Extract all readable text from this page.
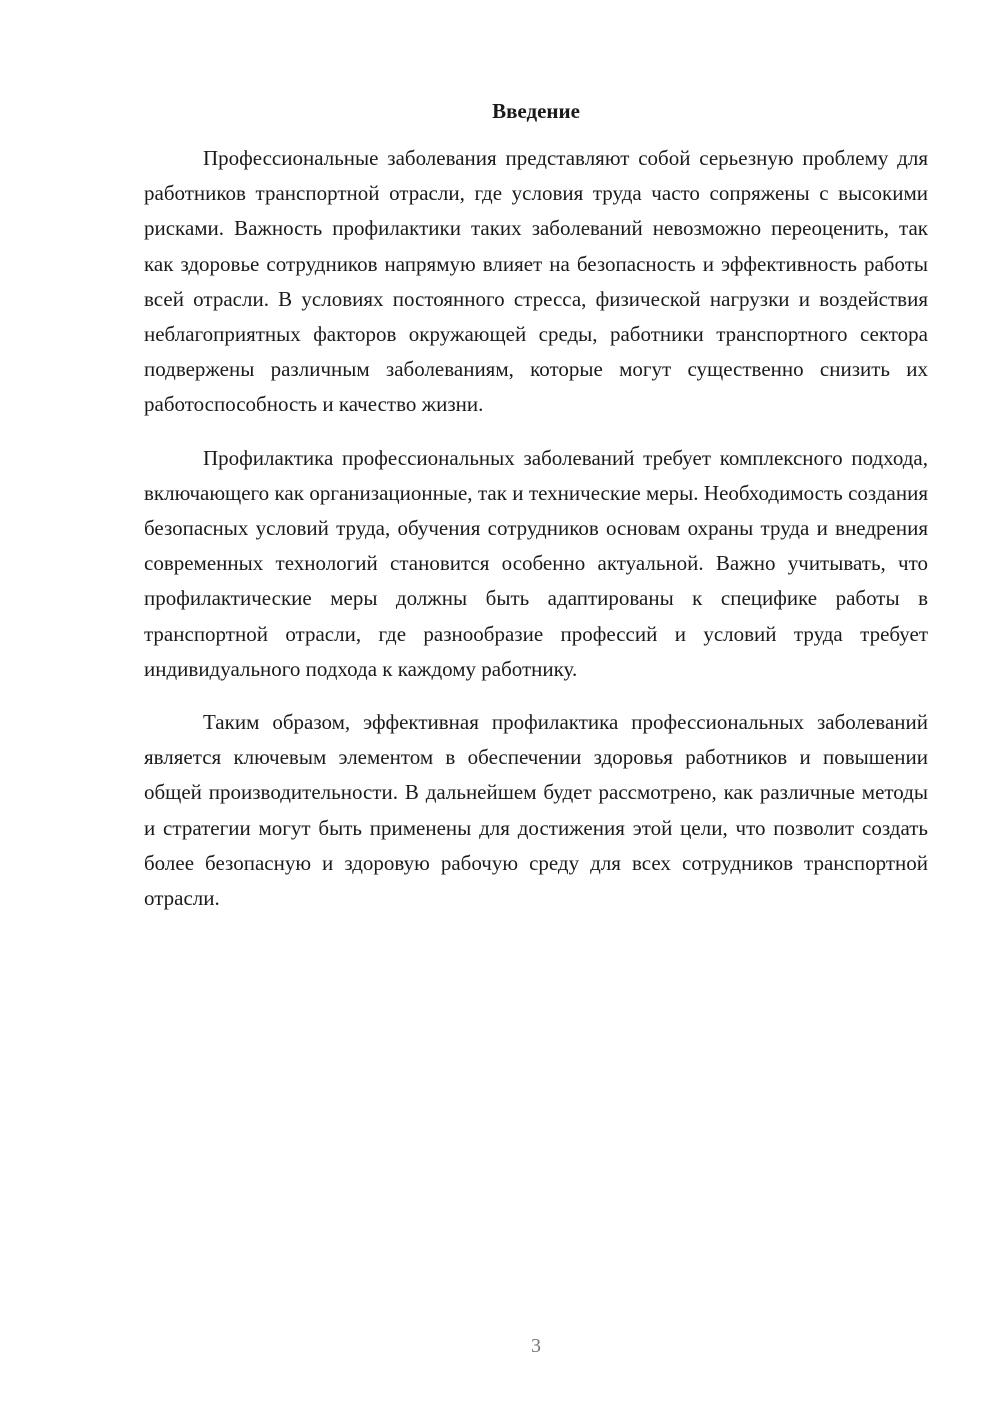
Введение

Профессиональные заболевания представляют собой серьезную проблему для работников транспортной отрасли, где условия труда часто сопряжены с высокими рисками. Важность профилактики таких заболеваний невозможно переоценить, так как здоровье сотрудников напрямую влияет на безопасность и эффективность работы всей отрасли. В условиях постоянного стресса, физической нагрузки и воздействия неблагоприятных факторов окружающей среды, работники транспортного сектора подвержены различным заболеваниям, которые могут существенно снизить их работоспособность и качество жизни.

Профилактика профессиональных заболеваний требует комплексного подхода, включающего как организационные, так и технические меры. Необходимость создания безопасных условий труда, обучения сотрудников основам охраны труда и внедрения современных технологий становится особенно актуальной. Важно учитывать, что профилактические меры должны быть адаптированы к специфике работы в транспортной отрасли, где разнообразие профессий и условий труда требует индивидуального подхода к каждому работнику.

Таким образом, эффективная профилактика профессиональных заболеваний является ключевым элементом в обеспечении здоровья работников и повышении общей производительности. В дальнейшем будет рассмотрено, как различные методы и стратегии могут быть применены для достижения этой цели, что позволит создать более безопасную и здоровую рабочую среду для всех сотрудников транспортной отрасли.

3
